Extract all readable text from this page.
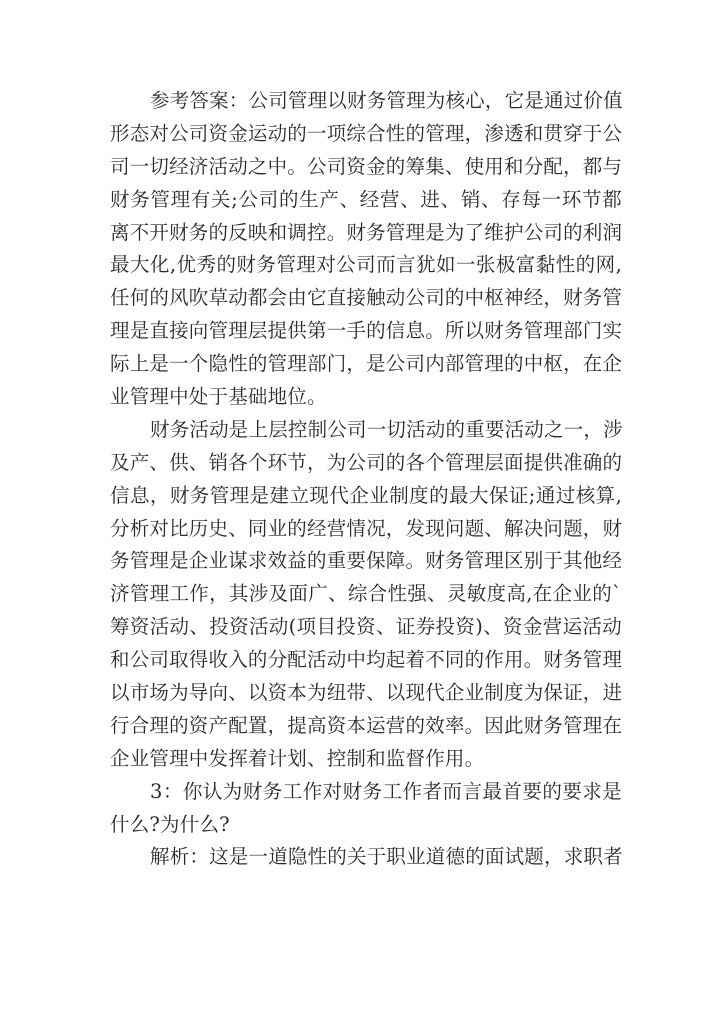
参考答案：公司管理以财务管理为核心，它是通过价值
形态对公司资金运动的一项综合性的管理，渗透和贯穿于公
司一切经济活动之中。公司资金的筹集、使用和分配，都与
财务管理有关;公司的生产、经营、进、销、存每一环节都
离不开财务的反映和调控。财务管理是为了维护公司的利润
最大化,优秀的财务管理对公司而言犹如一张极富黏性的网,
任何的风吹草动都会由它直接触动公司的中枢神经，财务管
理是直接向管理层提供第一手的信息。所以财务管理部门实
际上是一个隐性的管理部门，是公司内部管理的中枢，在企
业管理中处于基础地位。
财务活动是上层控制公司一切活动的重要活动之一，涉
及产、供、销各个环节，为公司的各个管理层面提供准确的
信息，财务管理是建立现代企业制度的最大保证;通过核算,
分析对比历史、同业的经营情况，发现问题、解决问题，财
务管理是企业谋求效益的重要保障。财务管理区别于其他经
济管理工作，其涉及面广、综合性强、灵敏度高,在企业的`
筹资活动、投资活动(项目投资、证券投资)、资金营运活动
和公司取得收入的分配活动中均起着不同的作用。财务管理
以市场为导向、以资本为纽带、以现代企业制度为保证，进
行合理的资产配置，提高资本运营的效率。因此财务管理在
企业管理中发挥着计划、控制和监督作用。
3：你认为财务工作对财务工作者而言最首要的要求是
什么?为什么?
解析：这是一道隐性的关于职业道德的面试题，求职者
